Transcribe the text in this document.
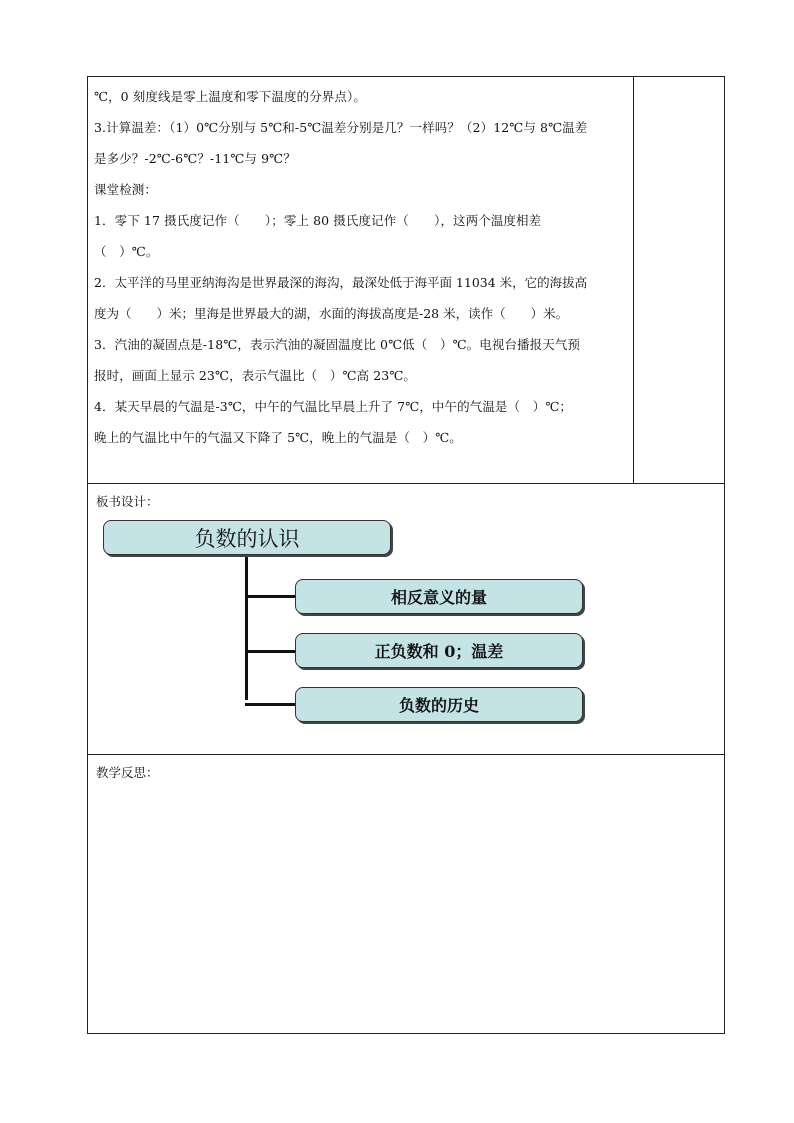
℃，0 刻度线是零上温度和零下温度的分界点）。
3.计算温差：（1）0℃分别与 5℃和-5℃温差分别是几？一样吗？（2）12℃与 8℃温差
是多少？-2℃-6℃？-11℃与 9℃？
课堂检测：
1．零下 17 摄氏度记作（　　）；零上 80 摄氏度记作（　　），这两个温度相差
（　）℃。
2．太平洋的马里亚纳海沟是世界最深的海沟，最深处低于海平面 11034 米，它的海拔高
度为（　　）米；里海是世界最大的湖，水面的海拔高度是-28 米，读作（　　）米。
3．汽油的凝固点是-18℃，表示汽油的凝固温度比 0℃低（　）℃。电视台播报天气预
报时，画面上显示 23℃，表示气温比（　）℃高 23℃。
4．某天早晨的气温是-3℃，中午的气温比早晨上升了 7℃，中午的气温是（　）℃；
晚上的气温比中午的气温又下降了 5℃，晚上的气温是（　）℃。
板书设计：
负数的认识
相反意义的量
正负数和 0；温差
负数的历史
教学反思：
